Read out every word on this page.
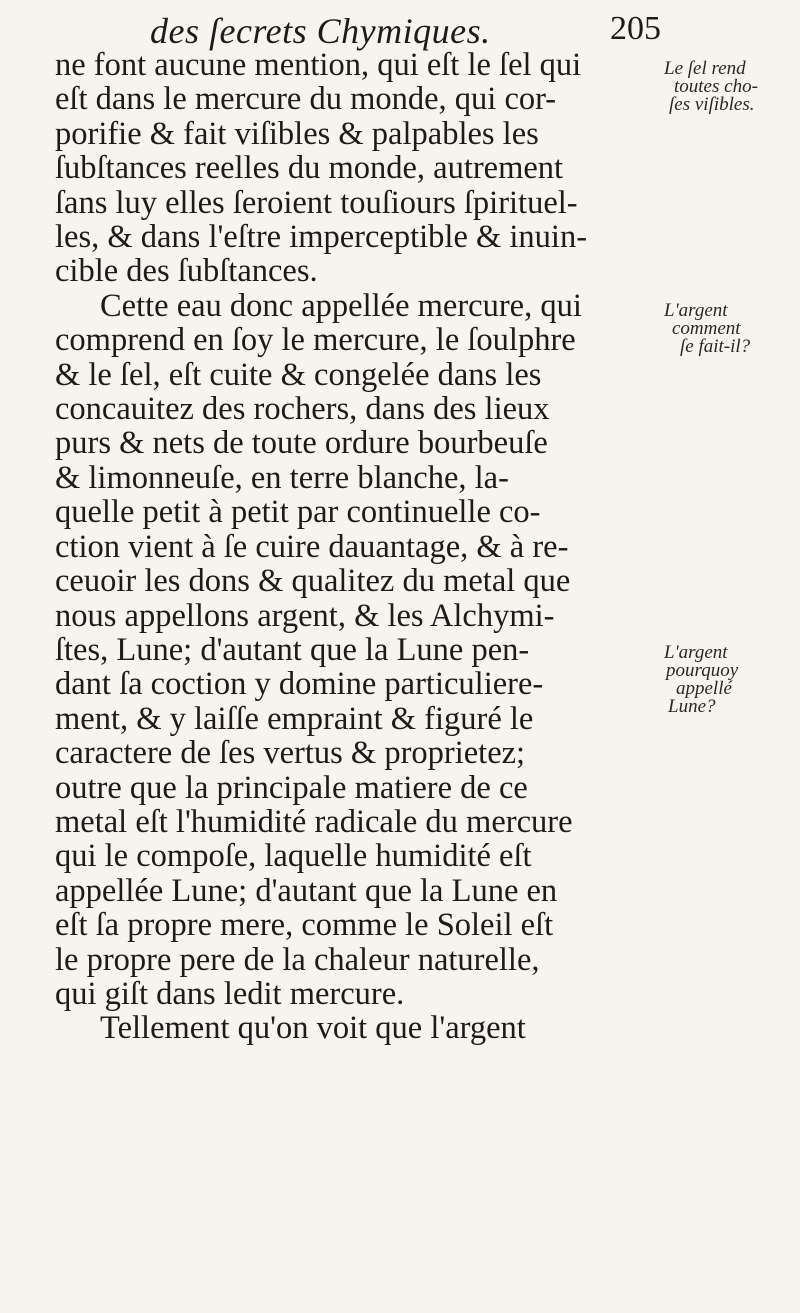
des ſecrets Chymiques.	205
ne font aucune mention, qui eſt le ſel qui
eſt dans le mercure du monde, qui cor-
porifie & fait viſibles & palpables les
ſubſtances reelles du monde, autrement
ſans luy elles ſeroient touſiours ſpirituel-
les, & dans l'eſtre imperceptible & inuin-
cible des ſubſtances.
Cette eau donc appellée mercure, qui
comprend en ſoy le mercure, le ſoulphre
& le ſel, eſt cuite & congelée dans les
concauitez des rochers, dans des lieux
purs & nets de toute ordure bourbeuſe
& limonneuſe, en terre blanche, la-
quelle petit à petit par continuelle co-
ction vient à ſe cuire dauantage, & à re-
ceuoir les dons & qualitez du metal que
nous appellons argent, & les Alchymi-
ſtes, Lune; d'autant que la Lune pen-
dant ſa coction y domine particuliere-
ment, & y laiſſe empraint & figuré le
caractere de ſes vertus & proprietez;
outre que la principale matiere de ce
metal eſt l'humidité radicale du mercure
qui le compoſe, laquelle humidité eſt
appellée Lune; d'autant que la Lune en
eſt ſa propre mere, comme le Soleil eſt
le propre pere de la chaleur naturelle,
qui giſt dans ledit mercure.
Tellement qu'on voit que l'argent
Le ſel rend
toutes cho-
ſes viſibles.
L'argent
comment
ſe fait-il?
L'argent
pourquoy
appellé
Lune?
